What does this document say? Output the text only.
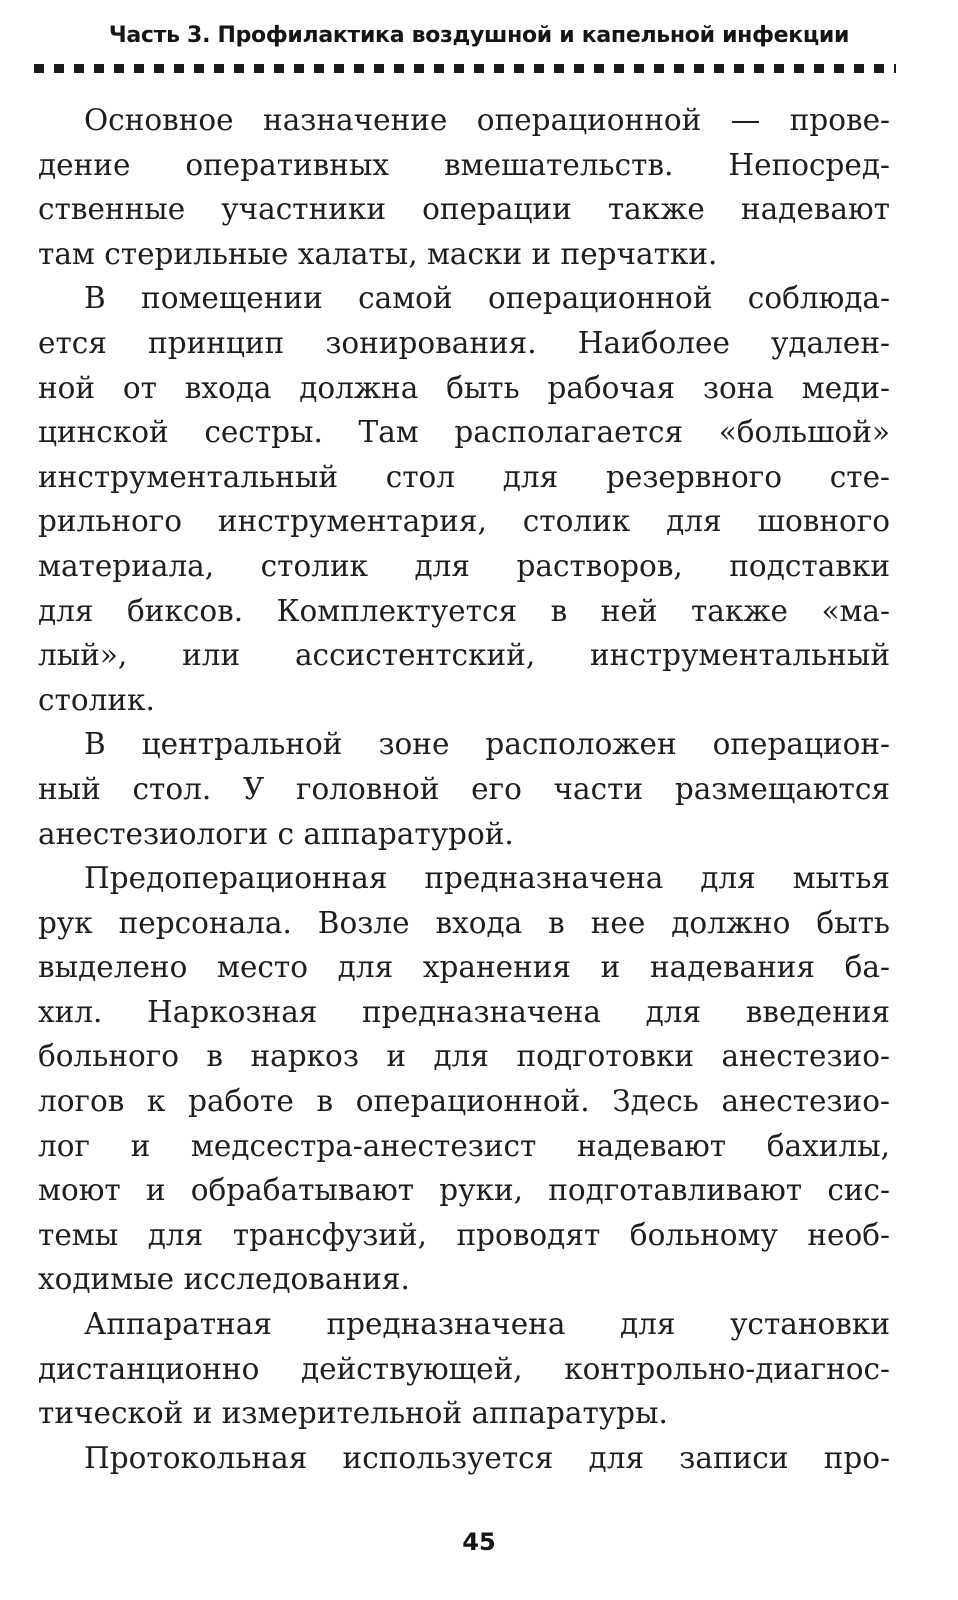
Часть 3. Профилактика воздушной и капельной инфекции

Основное назначение операционной — прове-
дение оперативных вмешательств. Непосред-
ственные участники операции также надевают
там стерильные халаты, маски и перчатки.

В помещении самой операционной соблюда-
ется принцип зонирования. Наиболее удален-
ной от входа должна быть рабочая зона меди-
цинской сестры. Там располагается «большой»
инструментальный стол для резервного сте-
рильного инструментария, столик для шовного
материала, столик для растворов, подставки
для биксов. Комплектуется в ней также «ма-
лый», или ассистентский, инструментальный
столик.

В центральной зоне расположен операцион-
ный стол. У головной его части размещаются
анестезиологи с аппаратурой.

Предоперационная предназначена для мытья
рук персонала. Возле входа в нее должно быть
выделено место для хранения и надевания ба-
хил. Наркозная предназначена для введения
больного в наркоз и для подготовки анестезио-
логов к работе в операционной. Здесь анестезио-
лог и медсестра-анестезист надевают бахилы,
моют и обрабатывают руки, подготавливают сис-
темы для трансфузий, проводят больному необ-
ходимые исследования.

Аппаратная предназначена для установки
дистанционно действующей, контрольно-диагнос-
тической и измерительной аппаратуры.

Протокольная используется для записи про-

45
